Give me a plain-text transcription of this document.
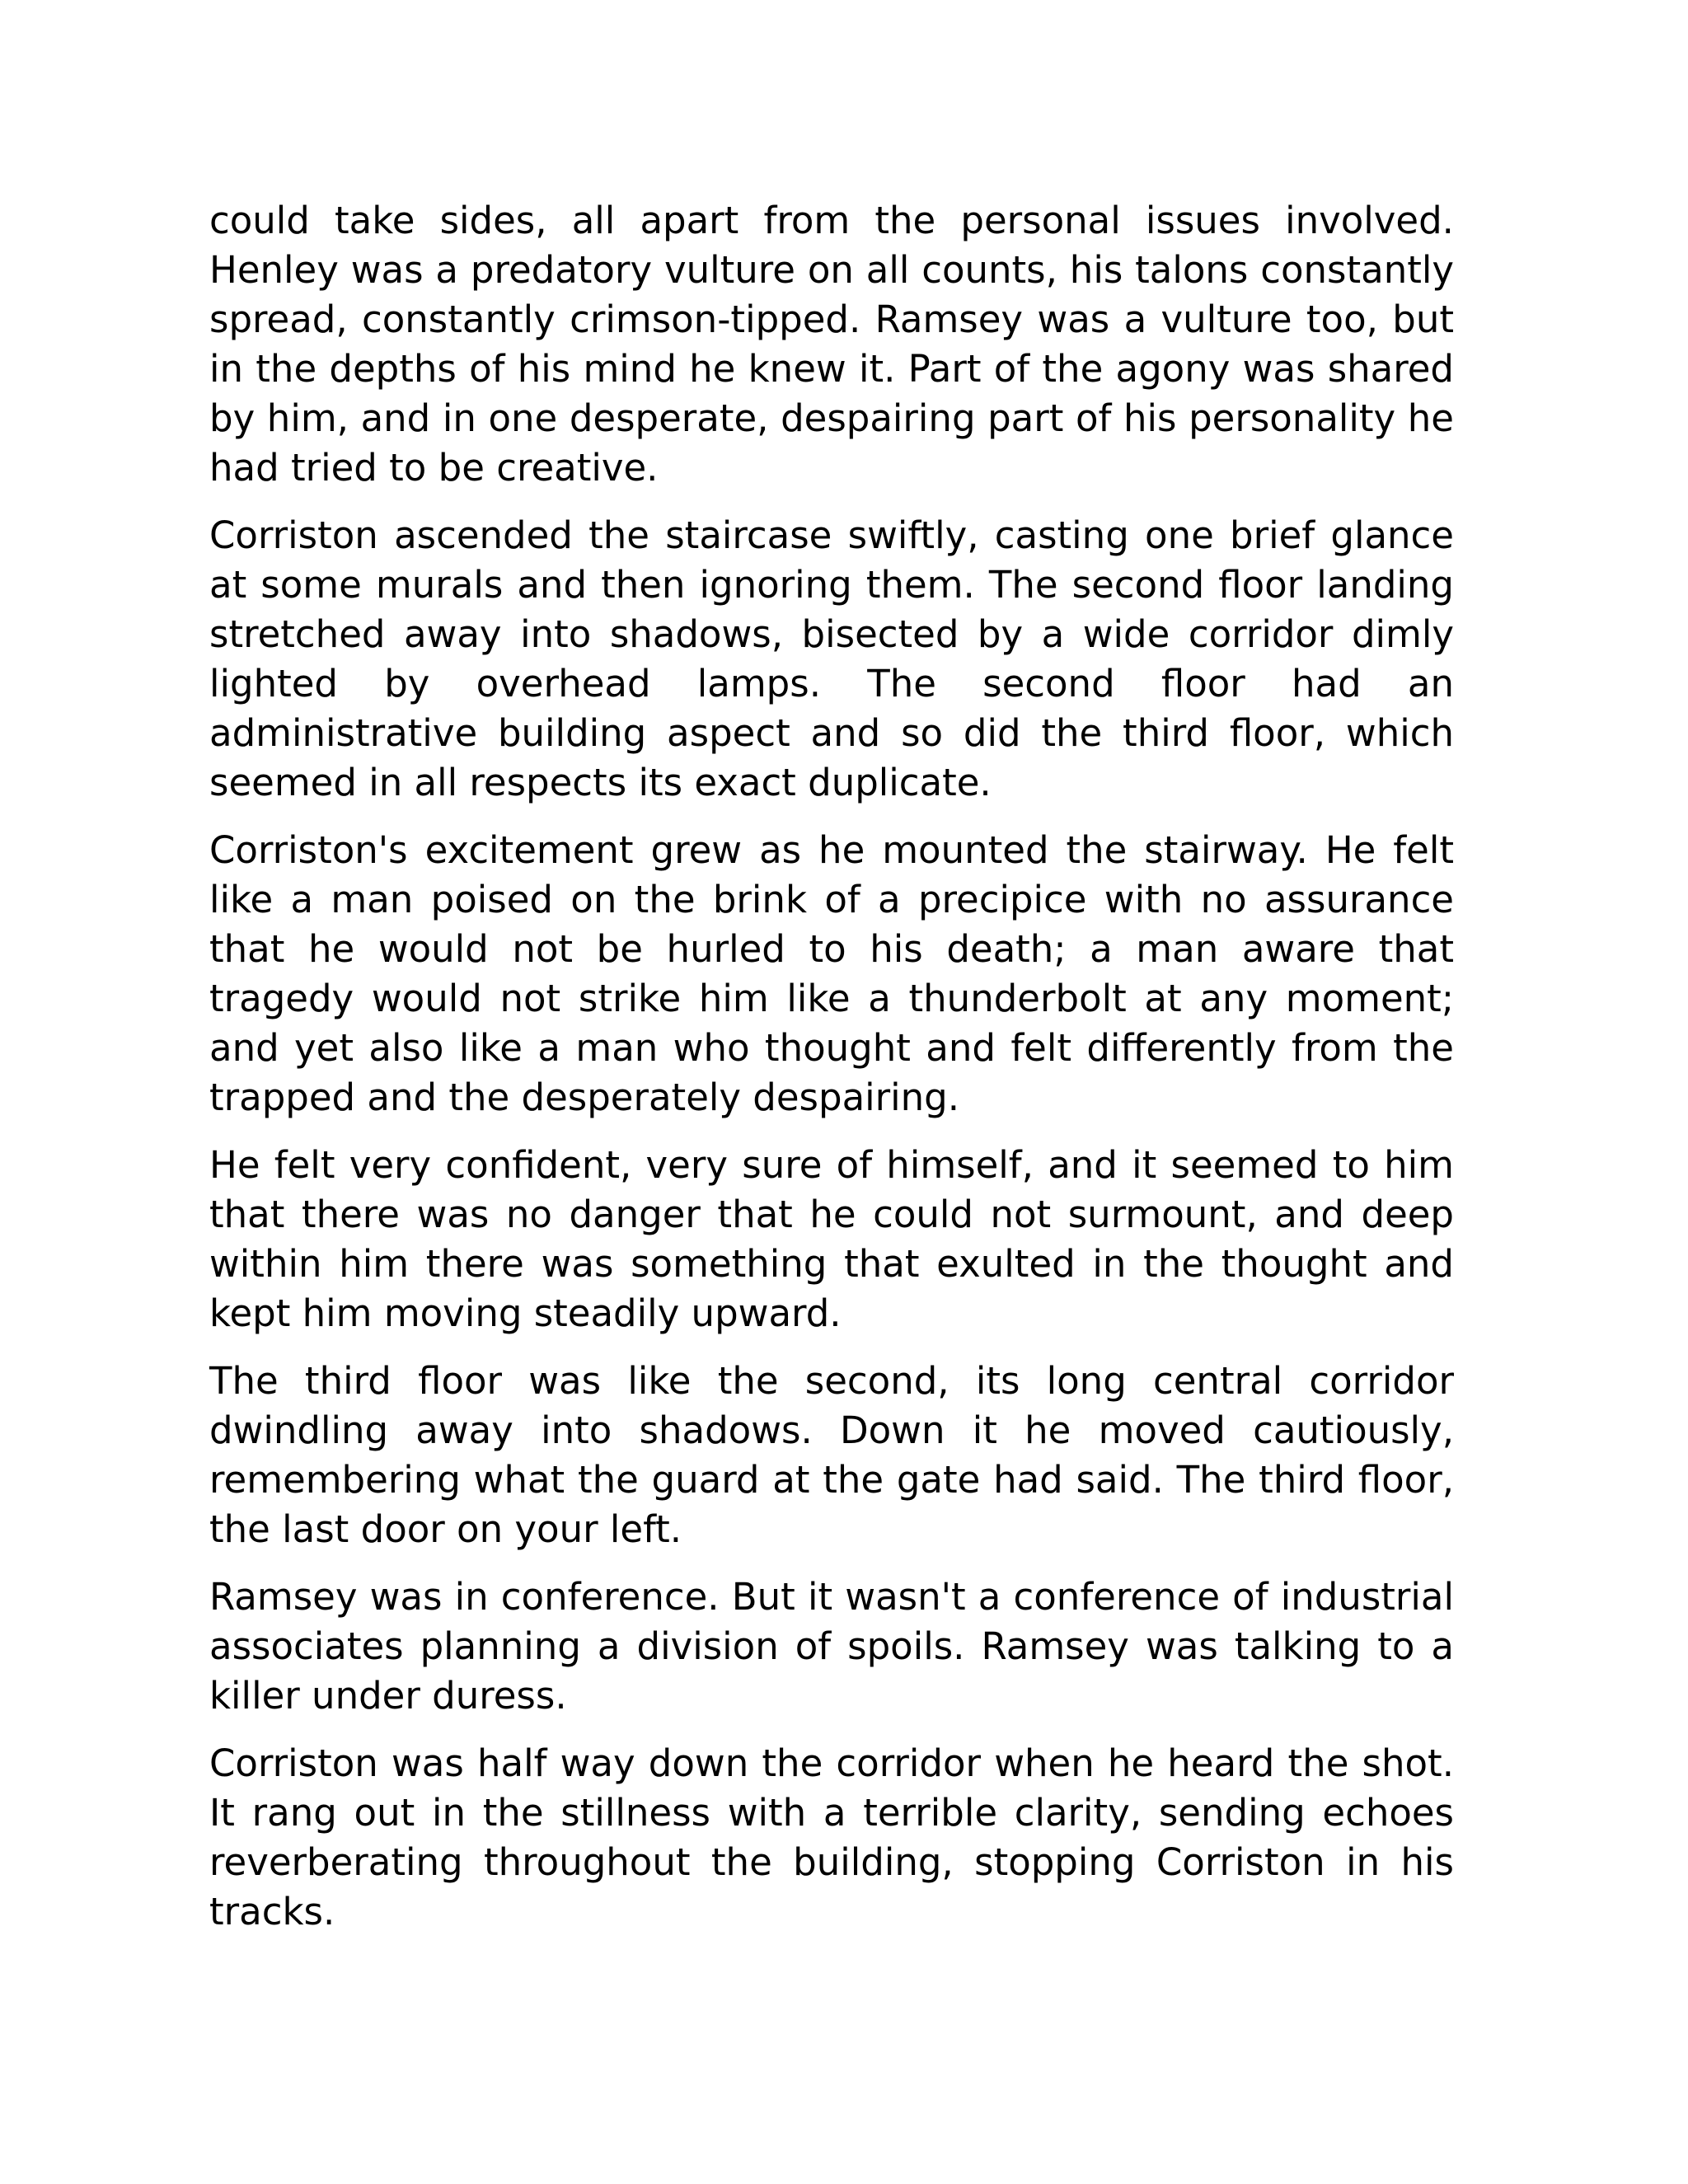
could take sides, all apart from the personal issues involved. Henley was a predatory vulture on all counts, his talons constantly spread, constantly crimson-tipped. Ramsey was a vulture too, but in the depths of his mind he knew it. Part of the agony was shared by him, and in one desperate, despairing part of his personality he had tried to be creative.

Corriston ascended the staircase swiftly, casting one brief glance at some murals and then ignoring them. The second floor landing stretched away into shadows, bisected by a wide corridor dimly lighted by overhead lamps. The second floor had an administrative building aspect and so did the third floor, which seemed in all respects its exact duplicate.

Corriston's excitement grew as he mounted the stairway. He felt like a man poised on the brink of a precipice with no assurance that he would not be hurled to his death; a man aware that tragedy would not strike him like a thunderbolt at any moment; and yet also like a man who thought and felt differently from the trapped and the desperately despairing.

He felt very confident, very sure of himself, and it seemed to him that there was no danger that he could not surmount, and deep within him there was something that exulted in the thought and kept him moving steadily upward.

The third floor was like the second, its long central corridor dwindling away into shadows. Down it he moved cautiously, remembering what the guard at the gate had said. The third floor, the last door on your left.

Ramsey was in conference. But it wasn't a conference of industrial associates planning a division of spoils. Ramsey was talking to a killer under duress.

Corriston was half way down the corridor when he heard the shot. It rang out in the stillness with a terrible clarity, sending echoes reverberating throughout the building, stopping Corriston in his tracks.
